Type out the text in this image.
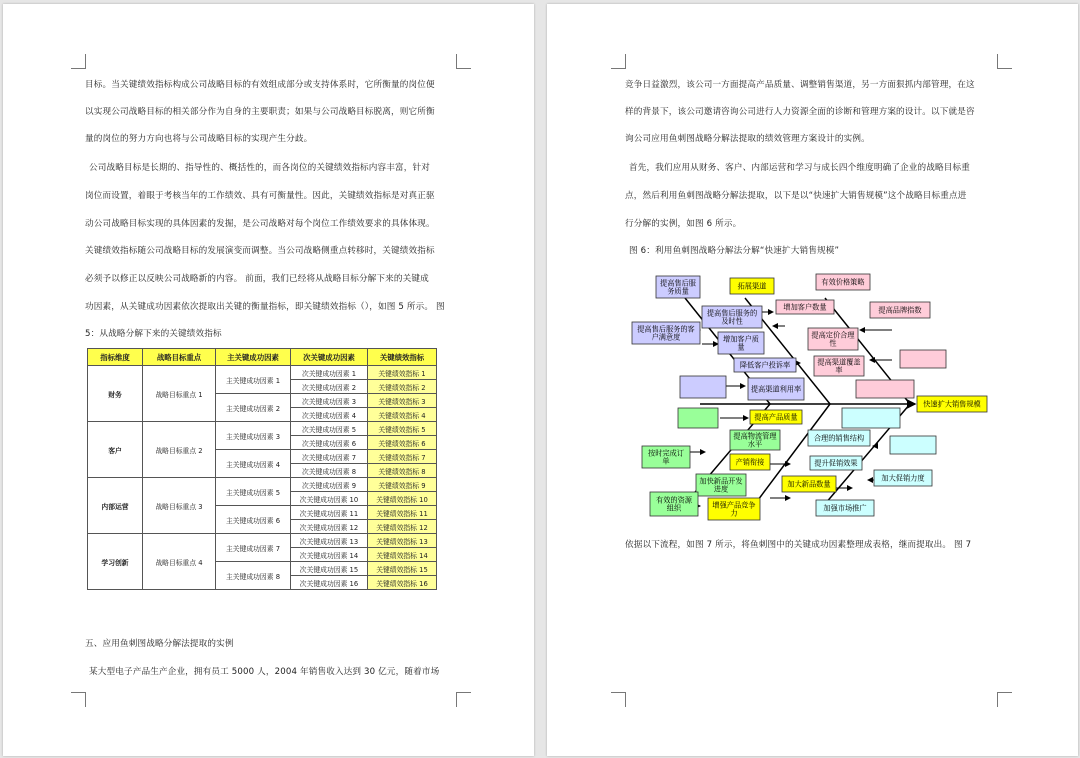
目标。当关键绩效指标构成公司战略目标的有效组成部分或支持体系时，它所衡量的岗位便
以实现公司战略目标的相关部分作为自身的主要职责；如果与公司战略目标脱离，则它所衡
量的岗位的努力方向也将与公司战略目标的实现产生分歧。
公司战略目标是长期的、指导性的、概括性的，而各岗位的关键绩效指标内容丰富，针对
岗位而设置，着眼于考核当年的工作绩效、具有可衡量性。因此，关键绩效指标是对真正驱
动公司战略目标实现的具体因素的发掘，是公司战略对每个岗位工作绩效要求的具体体现。
关键绩效指标随公司战略目标的发展演变而调整。当公司战略侧重点转移时，关键绩效指标
必须予以修正以反映公司战略新的内容。 前面，我们已经将从战略目标分解下来的关键成
功因素，从关键成功因素依次提取出关键的衡量指标，即关键绩效指标（），如图 5 所示。 图
5：从战略分解下来的关键绩效指标
指标维度	战略目标重点	主关键成功因素	次关键成功因素	关键绩效指标
财务	战略目标重点 1	主关键成功因素 1	次关键成功因素 1	关键绩效指标 1
			次关键成功因素 2	关键绩效指标 2
		主关键成功因素 2	次关键成功因素 3	关键绩效指标 3
			次关键成功因素 4	关键绩效指标 4
客户	战略目标重点 2	主关键成功因素 3	次关键成功因素 5	关键绩效指标 5
			次关键成功因素 6	关键绩效指标 6
		主关键成功因素 4	次关键成功因素 7	关键绩效指标 7
			次关键成功因素 8	关键绩效指标 8
内部运营	战略目标重点 3	主关键成功因素 5	次关键成功因素 9	关键绩效指标 9
			次关键成功因素 10	关键绩效指标 10
		主关键成功因素 6	次关键成功因素 11	关键绩效指标 11
			次关键成功因素 12	关键绩效指标 12
学习创新	战略目标重点 4	主关键成功因素 7	次关键成功因素 13	关键绩效指标 13
			次关键成功因素 14	关键绩效指标 14
		主关键成功因素 8	次关键成功因素 15	关键绩效指标 15
			次关键成功因素 16	关键绩效指标 16
五、应用鱼刺图战略分解法提取的实例
某大型电子产品生产企业，拥有员工 5000 人，2004 年销售收入达到 30 亿元，随着市场
竞争日益激烈，该公司一方面提高产品质量、调整销售渠道，另一方面狠抓内部管理，在这
样的背景下，该公司邀请咨询公司进行人力资源全面的诊断和管理方案的设计。以下就是咨
询公司应用鱼刺图战略分解法提取的绩效管理方案设计的实例。
首先，我们应用从财务、客户、内部运营和学习与成长四个维度明确了企业的战略目标重
点，然后利用鱼刺图战略分解法提取，以下是以“快速扩大销售规模”这个战略目标重点进
行分解的实例，如图 6 所示。
图 6：利用鱼刺图战略分解法分解“快速扩大销售规模”
依据以下流程，如图 7 所示，将鱼刺图中的关键成功因素整理成表格，继而提取出。 图 7
提高售后服务质量
拓展渠道	有效价格策略
提高售后服务的及时性
增加客户数量	提高品牌指数
提高售后服务的客户满意度	增加客户质量
提高定价合理性
降低客户投诉率	提高渠道覆盖率
提高渠道利用率
快速扩大销售规模
提高产品质量
提高物流管理水平
合理的销售结构
按时完成订单	产销衔接	提升促销效果
加快新品开发进度
加大新品数量
加大促销力度
有效的资源组织	增强产品竞争力
加强市场推广
